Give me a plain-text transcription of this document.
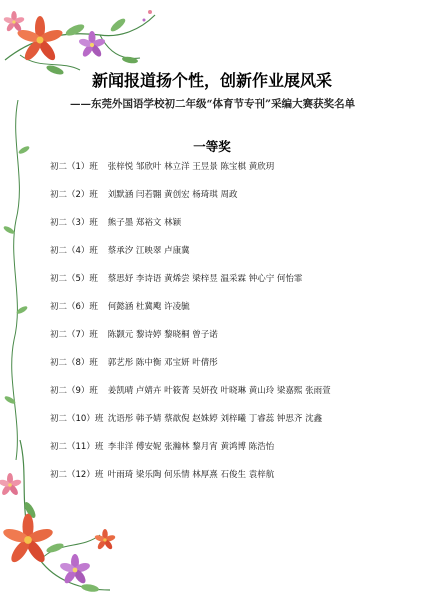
新闻报道扬个性，创新作业展风采
——东莞外国语学校初二年级“体育节专刊”采编大赛获奖名单
一等奖
初二（1）班 张梓悦 邹欣叶 林立洋 王昱景 陈宝棋 黄欣玥
初二（2）班 刘默涵 闫若翾 黄创宏 杨琦琪 周政
初二（3）班 熊子墨 郑裕文 林颖
初二（4）班 蔡承汐 江映翠 卢康冀
初二（5）班 蔡思妤 李诗语 黄烯尝 梁梓昱 温采霖 钟心宁 何怡霏
初二（6）班 何懿涵 杜冀飑 许凌毓
初二（7）班 陈颢元 黎诗婷 黎晓桐 曾子诺
初二（8）班 郭艺彤 陈中衡 邓宝妍 叶倩彤
初二（9）班 姜凯晴 卢婧卉 叶筱菁 吴妍孜 叶晓琳 黄山玲 梁嘉熙 张雨萱
初二（10）班 沈语彤 韩予婧 蔡歆倪 赵姝婷 刘梓曦 丁睿蕊 钟思齐 沈鑫
初二（11）班 李非洋 傅安妮 张瀚林 黎月宵 黄鸿博 陈浩怡
初二（12）班 叶雨琦 梁乐陶 何乐情 林厚熹 石俊生 袁梓航
